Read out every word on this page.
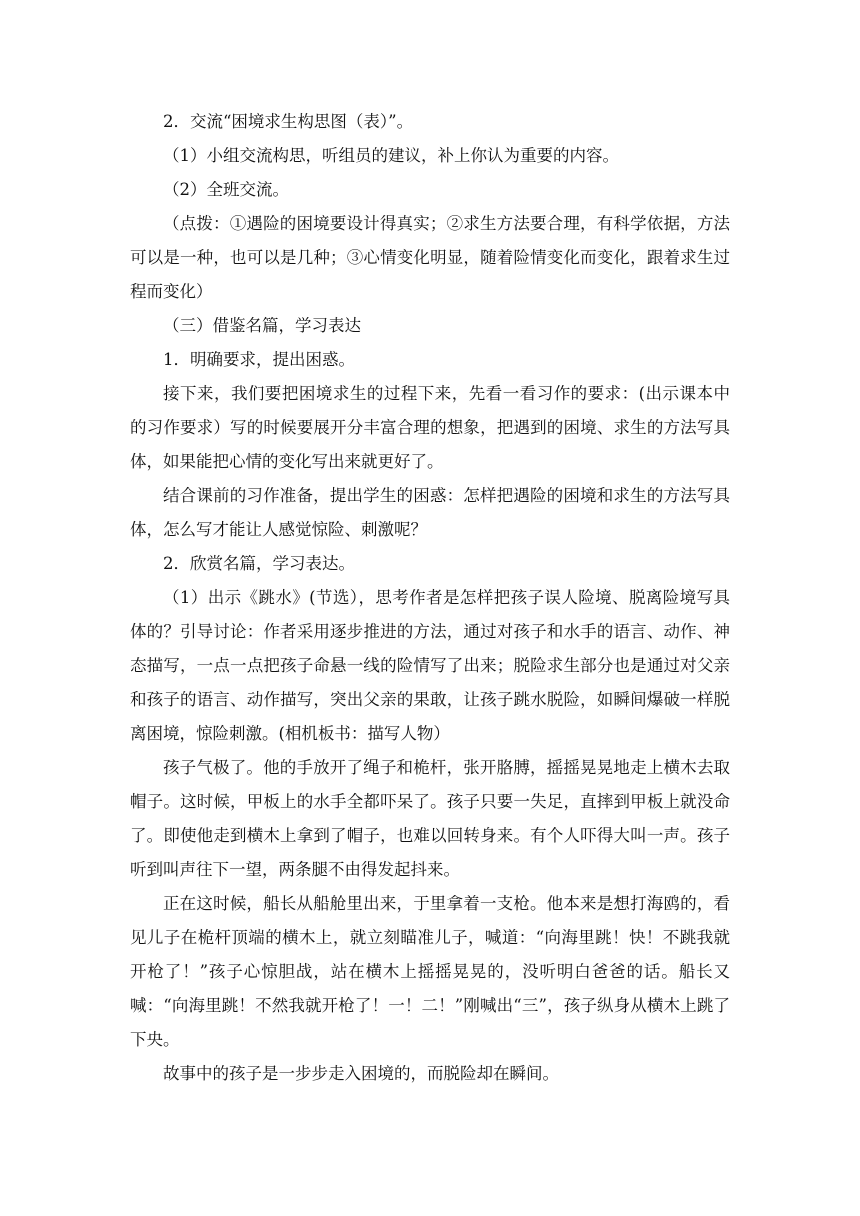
2．交流“困境求生构思图（表）”。

（1）小组交流构思，听组员的建议，补上你认为重要的内容。

（2）全班交流。

（点拨：①遇险的困境要设计得真实；②求生方法要合理，有科学依据，方法可以是一种，也可以是几种；③心情变化明显，随着险情变化而变化，跟着求生过程而变化）

（三）借鉴名篇，学习表达

1．明确要求，提出困惑。

接下来，我们要把困境求生的过程下来，先看一看习作的要求：(出示课本中的习作要求）写的时候要展开分丰富合理的想象，把遇到的困境、求生的方法写具体，如果能把心情的变化写出来就更好了。

结合课前的习作准备，提出学生的困惑：怎样把遇险的困境和求生的方法写具体，怎么写才能让人感觉惊险、刺激呢？

2．欣赏名篇，学习表达。

（1）出示《跳水》(节选），思考作者是怎样把孩子误人险境、脱离险境写具体的？引导讨论：作者采用逐步推进的方法，通过对孩子和水手的语言、动作、神态描写，一点一点把孩子命悬一线的险情写了出来；脱险求生部分也是通过对父亲和孩子的语言、动作描写，突出父亲的果敢，让孩子跳水脱险，如瞬间爆破一样脱离困境，惊险刺激。(相机板书：描写人物）

孩子气极了。他的手放开了绳子和桅杆，张开胳膊，摇摇晃晃地走上横木去取帽子。这时候，甲板上的水手全都吓呆了。孩子只要一失足，直摔到甲板上就没命了。即使他走到横木上拿到了帽子，也难以回转身来。有个人吓得大叫一声。孩子听到叫声往下一望，两条腿不由得发起抖来。

正在这时候，船长从船舱里出来，于里拿着一支枪。他本来是想打海鸥的，看见儿子在桅杆顶端的横木上，就立刻瞄准儿子，喊道：“向海里跳！快！不跳我就开枪了！”孩子心惊胆战，站在横木上摇摇晃晃的，没听明白爸爸的话。船长又喊：“向海里跳！不然我就开枪了！一！二！”刚喊出“三”，孩子纵身从横木上跳了下央。

故事中的孩子是一步步走入困境的，而脱险却在瞬间。
